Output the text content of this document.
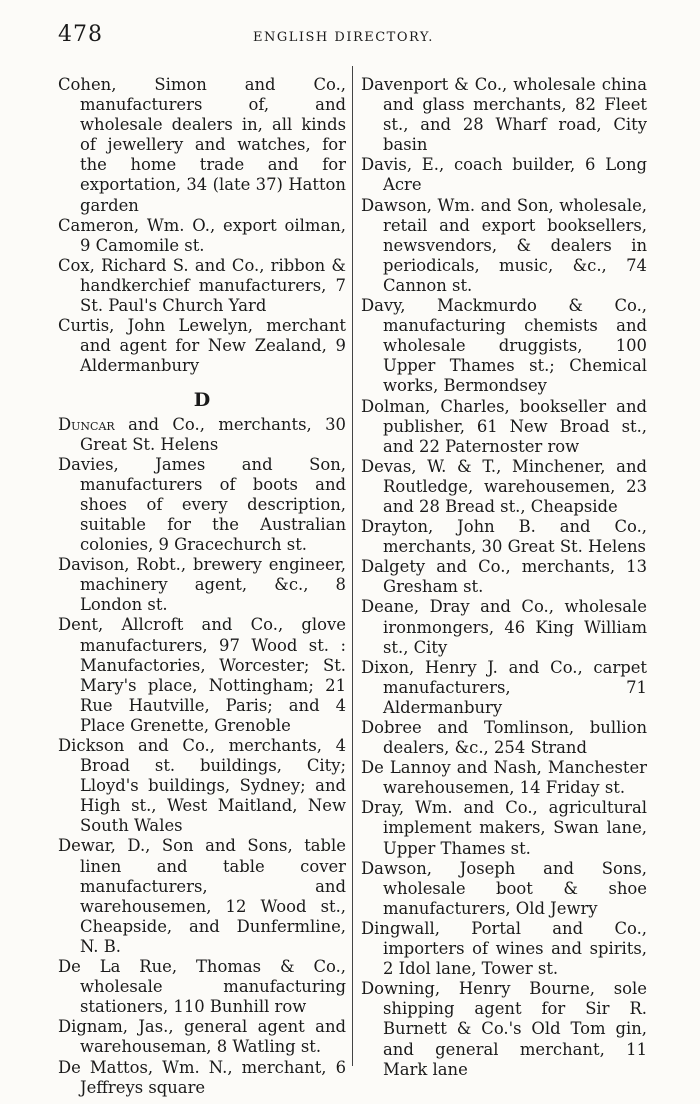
478	ENGLISH DIRECTORY.

Cohen, Simon and Co., manufacturers of, and wholesale dealers in, all kinds of jewellery and watches, for the home trade and for exportation, 34 (late 37) Hatton garden

Cameron, Wm. O., export oilman, 9 Camomile st.

Cox, Richard S. and Co., ribbon & handkerchief manufacturers, 7 St. Paul's Church Yard

Curtis, John Lewelyn, merchant and agent for New Zealand, 9 Aldermanbury

D

Duncar and Co., merchants, 30 Great St. Helens

Davies, James and Son, manufacturers of boots and shoes of every description, suitable for the Australian colonies, 9 Gracechurch st.

Davison, Robt., brewery engineer, machinery agent, &c., 8 London st.

Dent, Allcroft and Co., glove manufacturers, 97 Wood st. : Manufactories, Worcester; St. Mary's place, Nottingham; 21 Rue Hautville, Paris; and 4 Place Grenette, Grenoble

Dickson and Co., merchants, 4 Broad st. buildings, City; Lloyd's buildings, Sydney; and High st., West Maitland, New South Wales

Dewar, D., Son and Sons, table linen and table cover manufacturers, and warehousemen, 12 Wood st., Cheapside, and Dunfermline, N. B.

De La Rue, Thomas & Co., wholesale manufacturing stationers, 110 Bunhill row

Dignam, Jas., general agent and warehouseman, 8 Watling st.

De Mattos, Wm. N., merchant, 6 Jeffreys square

Davenport & Co., wholesale china and glass merchants, 82 Fleet st., and 28 Wharf road, City basin

Davis, E., coach builder, 6 Long Acre

Dawson, Wm. and Son, wholesale, retail and export booksellers, newsvendors, & dealers in periodicals, music, &c., 74 Cannon st.

Davy, Mackmurdo & Co., manufacturing chemists and wholesale druggists, 100 Upper Thames st.; Chemical works, Bermondsey

Dolman, Charles, bookseller and publisher, 61 New Broad st., and 22 Paternoster row

Devas, W. & T., Minchener, and Routledge, warehousemen, 23 and 28 Bread st., Cheapside

Drayton, John B. and Co., merchants, 30 Great St. Helens

Dalgety and Co., merchants, 13 Gresham st.

Deane, Dray and Co., wholesale ironmongers, 46 King William st., City

Dixon, Henry J. and Co., carpet manufacturers, 71 Aldermanbury

Dobree and Tomlinson, bullion dealers, &c., 254 Strand

De Lannoy and Nash, Manchester warehousemen, 14 Friday st.

Dray, Wm. and Co., agricultural implement makers, Swan lane, Upper Thames st.

Dawson, Joseph and Sons, wholesale boot & shoe manufacturers, Old Jewry

Dingwall, Portal and Co., importers of wines and spirits, 2 Idol lane, Tower st.

Downing, Henry Bourne, sole shipping agent for Sir R. Burnett & Co.'s Old Tom gin, and general merchant, 11 Mark lane
